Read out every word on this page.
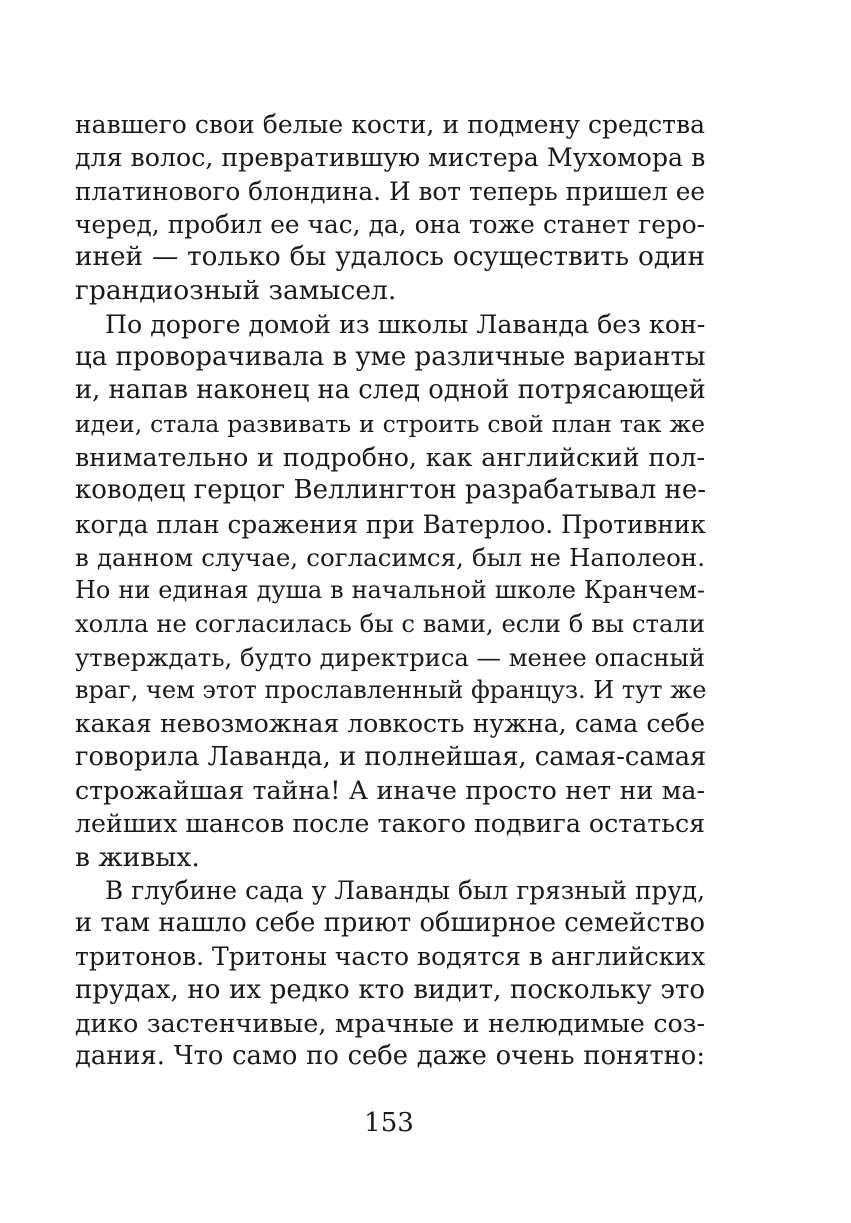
навшего свои белые кости, и подмену средства
для волос, превратившую мистера Мухомора в
платинового блондина. И вот теперь пришел ее
черед, пробил ее час, да, она тоже станет геро-
иней — только бы удалось осуществить один
грандиозный замысел.
По дороге домой из школы Лаванда без кон-
ца проворачивала в уме различные варианты
и, напав наконец на след одной потрясающей
идеи, стала развивать и строить свой план так же
внимательно и подробно, как английский пол-
ководец герцог Веллингтон разрабатывал не-
когда план сражения при Ватерлоо. Противник
в данном случае, согласимся, был не Наполеон.
Но ни единая душа в начальной школе Кранчем-
холла не согласилась бы с вами, если б вы стали
утверждать, будто директриса — менее опасный
враг, чем этот прославленный француз. И тут же
какая невозможная ловкость нужна, сама себе
говорила Лаванда, и полнейшая, самая-самая
строжайшая тайна! А иначе просто нет ни ма-
лейших шансов после такого подвига остаться
в живых.
В глубине сада у Лаванды был грязный пруд,
и там нашло себе приют обширное семейство
тритонов. Тритоны часто водятся в английских
прудах, но их редко кто видит, поскольку это
дико застенчивые, мрачные и нелюдимые соз-
дания. Что само по себе даже очень понятно:
153
